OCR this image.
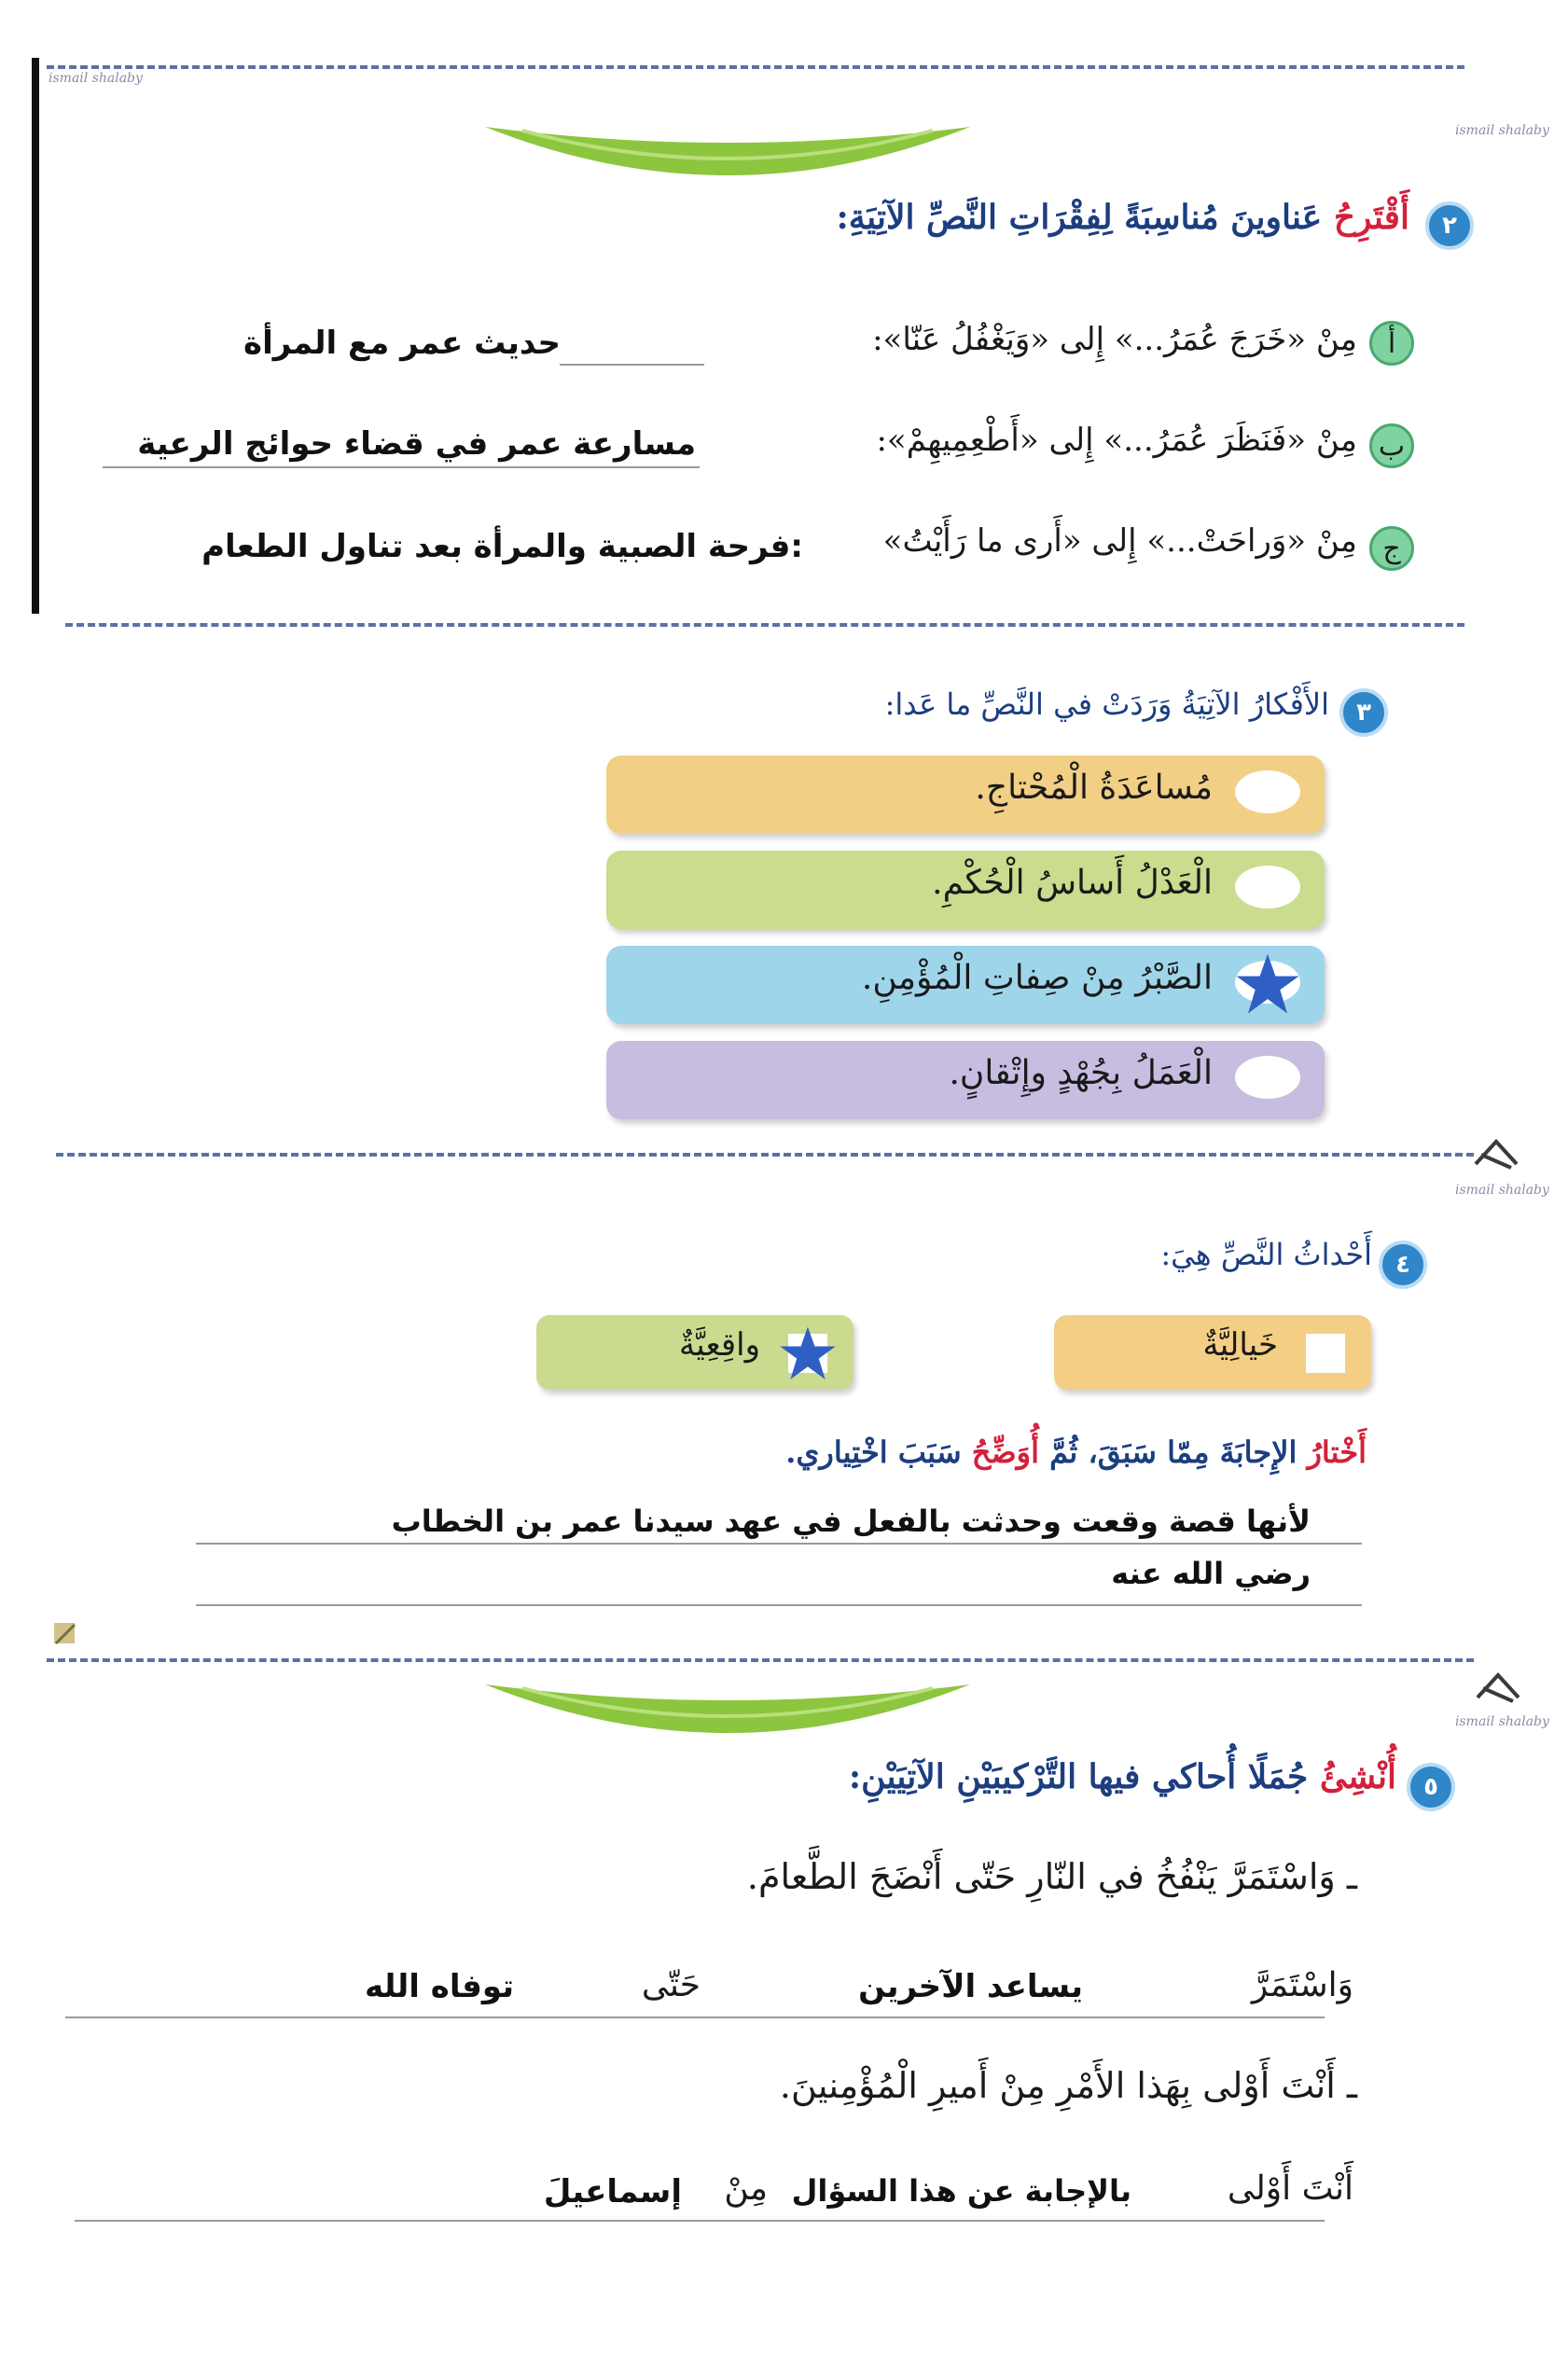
ismail shalaby
ismail shalaby
٢
أَقْتَرِحُ عَناوينَ مُناسِبَةً لِفِقْرَاتِ النَّصِّ الآتِيَةِ:
أ
مِنْ «خَرَجَ عُمَرُ...» إِلى «وَيَغْفُلُ عَنّا»:
حديث عمر مع المرأة
ب
مِنْ «فَنَظَرَ عُمَرُ...» إِلى «أَطْعِمِيهِمْ»:
مسارعة عمر في قضاء حوائج الرعية
ج
مِنْ «وَراحَتْ...» إِلى «أَرى ما رَأَيْتُ»
:فرحة الصبية والمرأة بعد تناول الطعام
٣
الأَفْكارُ الآتِيَةُ وَرَدَتْ في النَّصِّ ما عَدا:
مُساعَدَةُ الْمُحْتاجِ.
الْعَدْلُ أَساسُ الْحُكْمِ.
الصَّبْرُ مِنْ صِفاتِ الْمُؤْمِنِ.
الْعَمَلُ بِجُهْدٍ وإِتْقانٍ.
ismail shalaby
٤
أَحْداثُ النَّصِّ هِيَ:
خَيالِيَّةٌ
واقِعِيَّةٌ
أَخْتارُ الإِجابَةَ مِمّا سَبَقَ، ثُمَّ أُوَضِّحُ سَبَبَ اخْتِياري.
لأنها قصة وقعت وحدثت بالفعل في عهد سيدنا عمر بن الخطاب
رضي الله عنه
ismail shalaby
٥
أُنْشِئُ جُمَلًا أُحاكي فيها التَّرْكيبَيْنِ الآتِيَيْنِ:
ـ وَاسْتَمَرَّ يَنْفُخُ في النّارِ حَتّى أَنْضَجَ الطَّعامَ.
وَاسْتَمَرَّ
يساعد الآخرين
حَتّى
توفاه الله
ـ أَنْتَ أَوْلى بِهَذا الأَمْرِ مِنْ أَميرِ الْمُؤْمِنينَ.
أَنْتَ أَوْلى
بالإجابة عن هذا السؤال
مِنْ
إسماعيلَ
